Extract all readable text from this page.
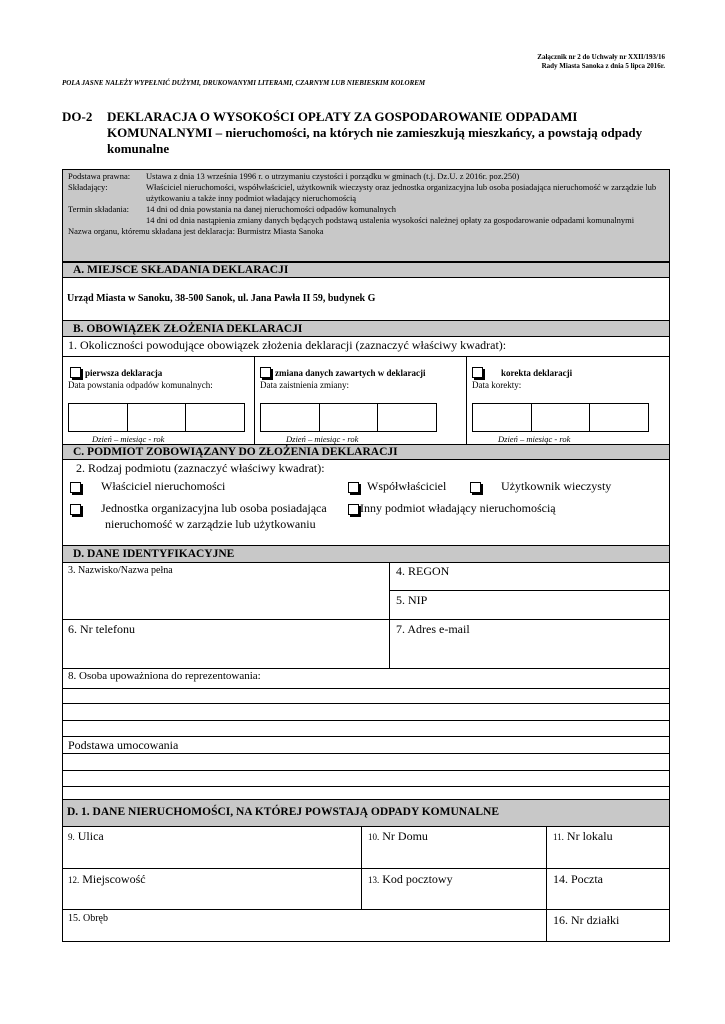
Załącznik nr 2 do Uchwały nr XXII/193/16
Rady Miasta Sanoka z dnia 5 lipca 2016r.
POLA JASNE NALEŻY WYPEŁNIĆ DUŻYMI, DRUKOWANYMI LITERAMI, CZARNYM LUB NIEBIESKIM KOLOREM
DO-2 DEKLARACJA O WYSOKOŚCI OPŁATY ZA GOSPODAROWANIE ODPADAMI KOMUNALNYMI – nieruchomości, na których nie zamieszkują mieszkańcy, a powstają odpady komunalne
Podstawa prawna:	Ustawa z dnia 13 września 1996 r. o utrzymaniu czystości i porządku w gminach (t.j. Dz.U. z 2016r. poz.250)
Składający:	Właściciel nieruchomości, współwłaściciel, użytkownik wieczysty oraz jednostka organizacyjna lub osoba posiadająca nieruchomość w zarządzie lub użytkowaniu a także inny podmiot władający nieruchomością
Termin składania:	14 dni od dnia powstania na danej nieruchomości odpadów komunalnych
14 dni od dnia nastąpienia zmiany danych będących podstawą ustalenia wysokości należnej opłaty za gospodarowanie odpadami komunalnymi
Nazwa organu, któremu składana jest deklaracja: Burmistrz Miasta Sanoka
A. MIEJSCE SKŁADANIA DEKLARACJI
Urząd Miasta w Sanoku, 38-500 Sanok, ul. Jana Pawła II 59, budynek G
B. OBOWIĄZEK ZŁOŻENIA DEKLARACJI
1. Okoliczności powodujące obowiązek złożenia deklaracji (zaznaczyć właściwy kwadrat):
pierwsza deklaracja
Data powstania odpadów komunalnych:
Dzień – miesiąc - rok
zmiana danych zawartych w deklaracji
Data zaistnienia zmiany:
Dzień – miesiąc - rok
korekta deklaracji
Data korekty:
Dzień – miesiąc - rok
C. PODMIOT ZOBOWIĄZANY DO ZŁOŻENIA DEKLARACJI
2. Rodzaj podmiotu (zaznaczyć właściwy kwadrat):
Właściciel nieruchomości	Współwłaściciel	Użytkownik wieczysty
Jednostka organizacyjna lub osoba posiadająca
nieruchomość w zarządzie lub użytkowaniu
Inny podmiot władający nieruchomością
D. DANE IDENTYFIKACYJNE
3. Nazwisko/Nazwa pełna	4. REGON
5. NIP
6. Nr telefonu	7. Adres e-mail
8. Osoba upoważniona do reprezentowania:
Podstawa umocowania
D. 1. DANE NIERUCHOMOŚCI, NA KTÓREJ POWSTAJĄ ODPADY KOMUNALNE
9. Ulica	10. Nr Domu	11. Nr lokalu
12. Miejscowość	13. Kod pocztowy	14. Poczta
15. Obręb	16. Nr działki
